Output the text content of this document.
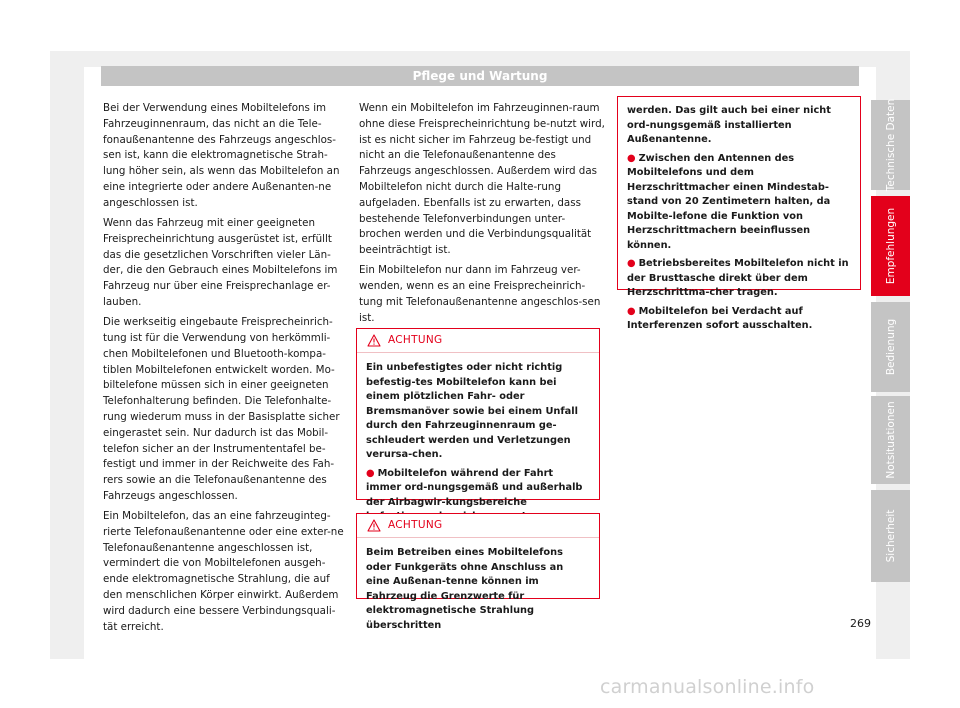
Pflege und Wartung

Bei der Verwendung eines Mobiltelefons im Fahrzeuginnenraum, das nicht an die Tele-fonaußenantenne des Fahrzeugs angeschlos-sen ist, kann die elektromagnetische Strah-lung höher sein, als wenn das Mobiltelefon an eine integrierte oder andere Außenanten-ne angeschlossen ist.

Wenn das Fahrzeug mit einer geeigneten Freisprecheinrichtung ausgerüstet ist, erfüllt das die gesetzlichen Vorschriften vieler Län-der, die den Gebrauch eines Mobiltelefons im Fahrzeug nur über eine Freisprechanlage er-lauben.

Die werkseitig eingebaute Freisprecheinrich-tung ist für die Verwendung von herkömmli-chen Mobiltelefonen und Bluetooth-kompa-tiblen Mobiltelefonen entwickelt worden. Mo-biltelefone müssen sich in einer geeigneten Telefonhalterung befinden. Die Telefonhalte-rung wiederum muss in der Basisplatte sicher eingerastet sein. Nur dadurch ist das Mobil-telefon sicher an der Instrumententafel be-festigt und immer in der Reichweite des Fah-rers sowie an die Telefonaußenantenne des Fahrzeugs angeschlossen.

Ein Mobiltelefon, das an eine fahrzeuginteg-rierte Telefonaußenantenne oder eine exter-ne Telefonaußenantenne angeschlossen ist, vermindert die von Mobiltelefonen ausgeh-ende elektromagnetische Strahlung, die auf den menschlichen Körper einwirkt. Außerdem wird dadurch eine bessere Verbindungsquali-tät erreicht.

Wenn ein Mobiltelefon im Fahrzeuginnen-raum ohne diese Freisprecheinrichtung be-nutzt wird, ist es nicht sicher im Fahrzeug be-festigt und nicht an die Telefonaußenantenne des Fahrzeugs angeschlossen. Außerdem wird das Mobiltelefon nicht durch die Halte-rung aufgeladen. Ebenfalls ist zu erwarten, dass bestehende Telefonverbindungen unter-brochen werden und die Verbindungsqualität beeinträchtigt ist.

Ein Mobiltelefon nur dann im Fahrzeug ver-wenden, wenn es an eine Freisprecheinrich-tung mit Telefonaußenantenne angeschlos-sen ist.

ACHTUNG

Ein unbefestigtes oder nicht richtig befestig-tes Mobiltelefon kann bei einem plötzlichen Fahr- oder Bremsmanöver sowie bei einem Unfall durch den Fahrzeuginnenraum ge-schleudert werden und Verletzungen verursa-chen.

● Mobiltelefon während der Fahrt immer ord-nungsgemäß und außerhalb der Airbagwir-kungsbereiche

ACHTUNG

Beim Betreiben eines Mobiltelefons oder Funkgeräts ohne Anschluss an eine Außenan-tenne können im Fahrzeug die Grenzwerte für elektromagnetische Strahlung überschritten

werden. Das gilt auch bei einer nicht ord-nungsgemäß installierten Außenantenne.

● Zwischen den Antennen des Mobiltelefons und dem Herzschrittmacher einen Mindestab-stand von 20 Zentimetern halten, da Mobilte-lefone die Funktion von Herzschrittmachern beeinflussen können.

● Betriebsbereites Mobiltelefon nicht in der Brusttasche direkt über dem Herzschrittma-cher tragen.

● Mobiltelefon bei Verdacht auf Interferenzen sofort ausschalten.

Technische Daten
Empfehlungen
Bedienung
Notsituationen
Sicherheit
269
carmanualsonline.info
